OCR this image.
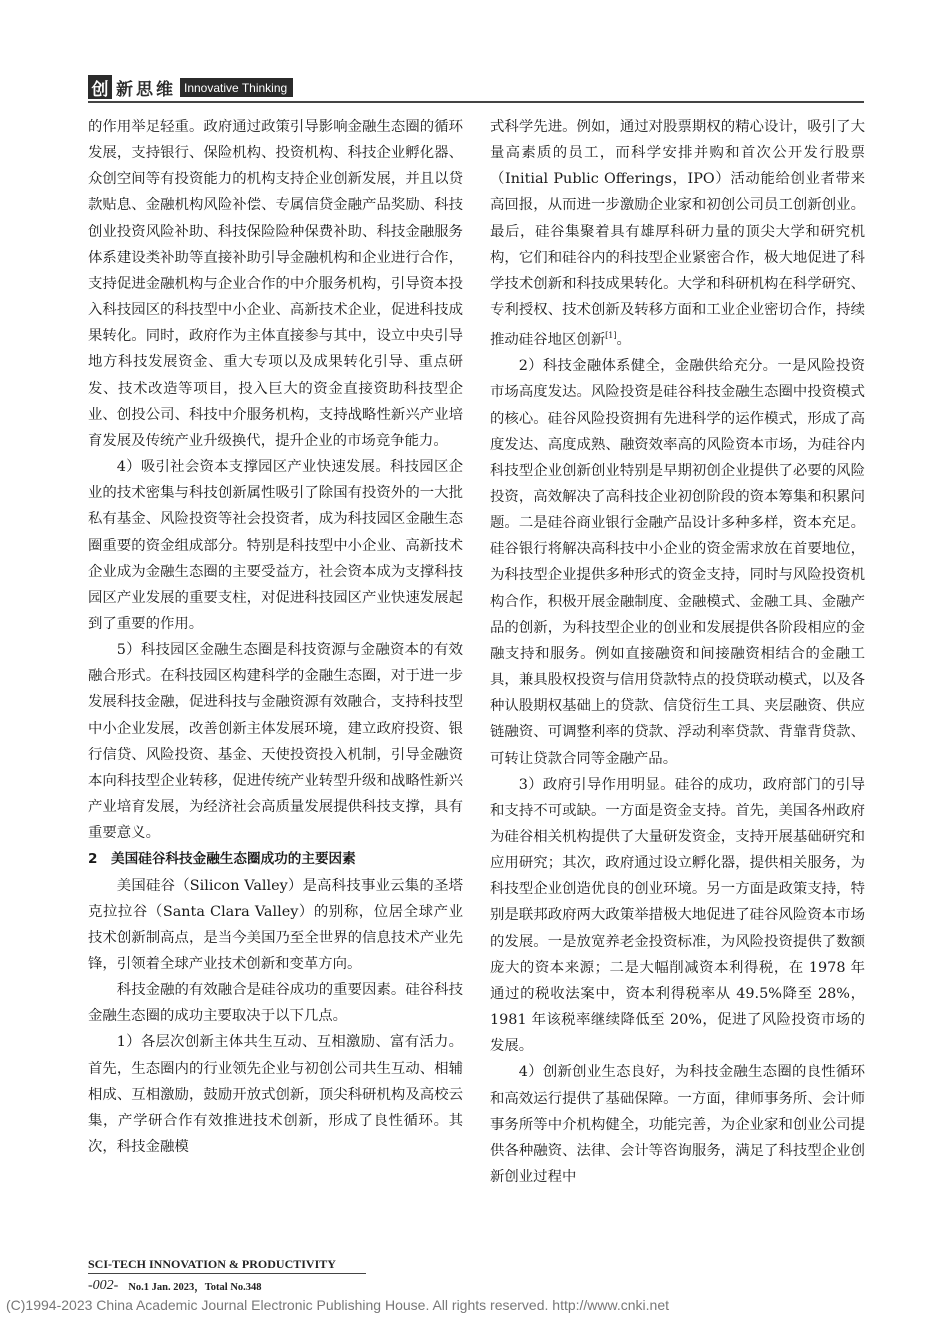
创 新思维 Innovative Thinking

的作用举足轻重。政府通过政策引导影响金融生态圈的循环发展，支持银行、保险机构、投资机构、科技企业孵化器、众创空间等有投资能力的机构支持企业创新发展，并且以贷款贴息、金融机构风险补偿、专属信贷金融产品奖励、科技创业投资风险补助、科技保险险种保费补助、科技金融服务体系建设类补助等直接补助引导金融机构和企业进行合作，支持促进金融机构与企业合作的中介服务机构，引导资本投入科技园区的科技型中小企业、高新技术企业，促进科技成果转化。同时，政府作为主体直接参与其中，设立中央引导地方科技发展资金、重大专项以及成果转化引导、重点研发、技术改造等项目，投入巨大的资金直接资助科技型企业、创投公司、科技中介服务机构，支持战略性新兴产业培育发展及传统产业升级换代，提升企业的市场竞争能力。

4）吸引社会资本支撑园区产业快速发展。科技园区企业的技术密集与科技创新属性吸引了除国有投资外的一大批私有基金、风险投资等社会投资者，成为科技园区金融生态圈重要的资金组成部分。特别是科技型中小企业、高新技术企业成为金融生态圈的主要受益方，社会资本成为支撑科技园区产业发展的重要支柱，对促进科技园区产业快速发展起到了重要的作用。

5）科技园区金融生态圈是科技资源与金融资本的有效融合形式。在科技园区构建科学的金融生态圈，对于进一步发展科技金融，促进科技与金融资源有效融合，支持科技型中小企业发展，改善创新主体发展环境，建立政府投资、银行信贷、风险投资、基金、天使投资投入机制，引导金融资本向科技型企业转移，促进传统产业转型升级和战略性新兴产业培育发展，为经济社会高质量发展提供科技支撑，具有重要意义。

2　美国硅谷科技金融生态圈成功的主要因素

美国硅谷（Silicon Valley）是高科技事业云集的圣塔克拉拉谷（Santa Clara Valley）的别称，位居全球产业技术创新制高点，是当今美国乃至全世界的信息技术产业先锋，引领着全球产业技术创新和变革方向。

科技金融的有效融合是硅谷成功的重要因素。硅谷科技金融生态圈的成功主要取决于以下几点。

1）各层次创新主体共生互动、互相激励、富有活力。首先，生态圈内的行业领先企业与初创公司共生互动、相辅相成、互相激励，鼓励开放式创新，顶尖科研机构及高校云集，产学研合作有效推进技术创新，形成了良性循环。其次，科技金融模

式科学先进。例如，通过对股票期权的精心设计，吸引了大量高素质的员工，而科学安排并购和首次公开发行股票（Initial Public Offerings，IPO）活动能给创业者带来高回报，从而进一步激励企业家和初创公司员工创新创业。最后，硅谷集聚着具有雄厚科研力量的顶尖大学和研究机构，它们和硅谷内的科技型企业紧密合作，极大地促进了科学技术创新和科技成果转化。大学和科研机构在科学研究、专利授权、技术创新及转移方面和工业企业密切合作，持续推动硅谷地区创新[1]。

2）科技金融体系健全，金融供给充分。一是风险投资市场高度发达。风险投资是硅谷科技金融生态圈中投资模式的核心。硅谷风险投资拥有先进科学的运作模式，形成了高度发达、高度成熟、融资效率高的风险资本市场，为硅谷内科技型企业创新创业特别是早期初创企业提供了必要的风险投资，高效解决了高科技企业初创阶段的资本筹集和积累问题。二是硅谷商业银行金融产品设计多种多样，资本充足。硅谷银行将解决高科技中小企业的资金需求放在首要地位，为科技型企业提供多种形式的资金支持，同时与风险投资机构合作，积极开展金融制度、金融模式、金融工具、金融产品的创新，为科技型企业的创业和发展提供各阶段相应的金融支持和服务。例如直接融资和间接融资相结合的金融工具，兼具股权投资与信用贷款特点的投贷联动模式，以及各种认股期权基础上的贷款、信贷衍生工具、夹层融资、供应链融资、可调整利率的贷款、浮动利率贷款、背靠背贷款、可转让贷款合同等金融产品。

3）政府引导作用明显。硅谷的成功，政府部门的引导和支持不可或缺。一方面是资金支持。首先，美国各州政府为硅谷相关机构提供了大量研发资金，支持开展基础研究和应用研究；其次，政府通过设立孵化器，提供相关服务，为科技型企业创造优良的创业环境。另一方面是政策支持，特别是联邦政府两大政策举措极大地促进了硅谷风险资本市场的发展。一是放宽养老金投资标准，为风险投资提供了数额庞大的资本来源；二是大幅削减资本利得税，在 1978 年通过的税收法案中，资本利得税率从 49.5%降至 28%，1981 年该税率继续降低至 20%，促进了风险投资市场的发展。

4）创新创业生态良好，为科技金融生态圈的良性循环和高效运行提供了基础保障。一方面，律师事务所、会计师事务所等中介机构健全，功能完善，为企业家和创业公司提供各种融资、法律、会计等咨询服务，满足了科技型企业创新创业过程中

SCI-TECH INNOVATION & PRODUCTIVITY
-002- No.1 Jan. 2023，Total No.348
(C)1994-2023 China Academic Journal Electronic Publishing House. All rights reserved. http://www.cnki.net
